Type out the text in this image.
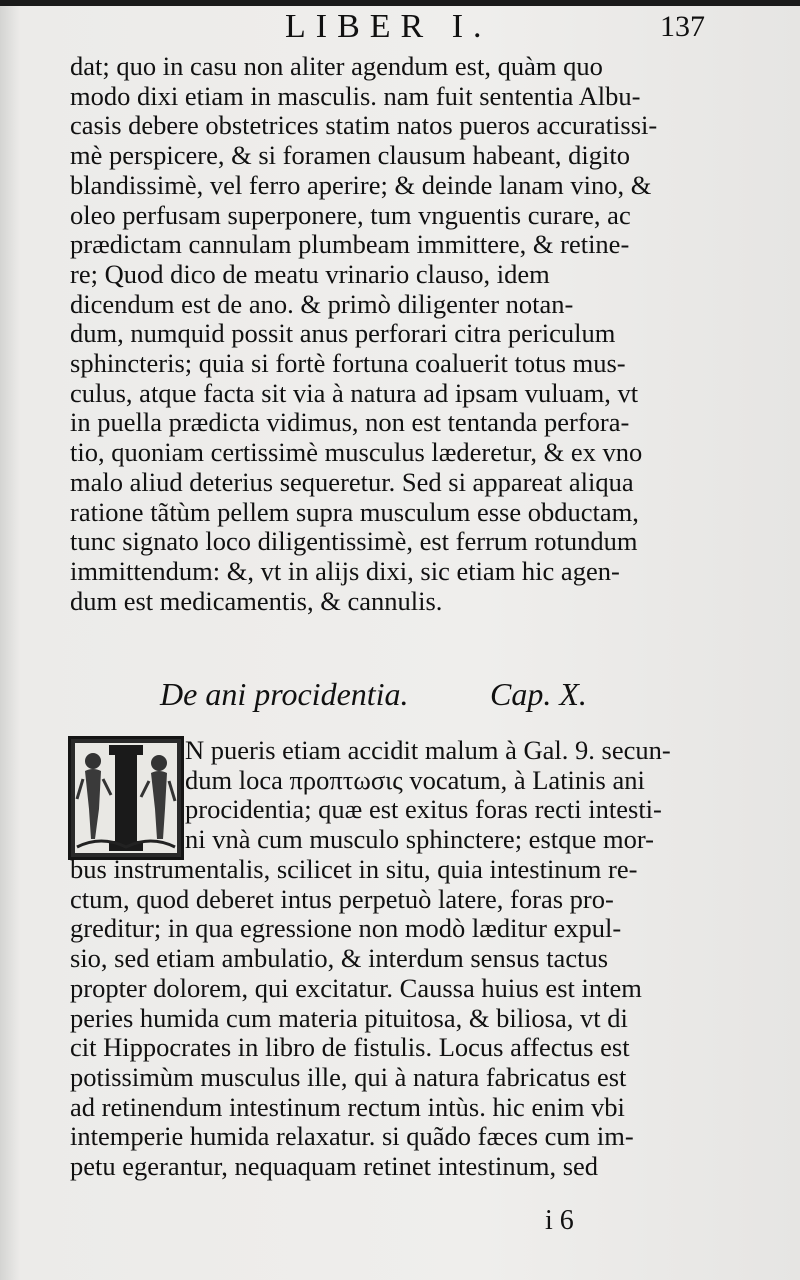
LIBER I.	137
dat; quo in casu non aliter agendum est, quàm quo
modo dixi etiam in masculis. nam fuit sententia Albu-
casis debere obstetrices statim natos pueros accuratissi-
mè perspicere, & si foramen clausum habeant, digito
blandissimè, vel ferro aperire; & deinde lanam vino, &
oleo perfusam superponere, tum vnguentis curare, ac
prædictam cannulam plumbeam immittere, & retine-
re; Quod dico de meatu vrinario clauso, idem
dicendum est de ano. & primò diligenter notan-
dum, numquid possit anus perforari citra periculum
sphincteris; quia si fortè fortuna coaluerit totus mus-
culus, atque facta sit via à natura ad ipsam vuluam, vt
in puella prædicta vidimus, non est tentanda perfora-
tio, quoniam certissimè musculus læderetur, & ex vno
malo aliud deterius sequeretur. Sed si appareat aliqua
ratione tãtùm pellem supra musculum esse obductam,
tunc signato loco diligentissimè, est ferrum rotundum
immittendum: &, vt in alijs dixi, sic etiam hic agen-
dum est medicamentis, & cannulis.
De ani procidentia.	Cap. X.
N pueris etiam accidit malum à Gal. 9. secun-
dum loca προπτωσις vocatum, à Latinis ani
procidentia; quæ est exitus foras recti intesti-
ni vnà cum musculo sphinctere; estque mor-
bus instrumentalis, scilicet in situ, quia intestinum re-
ctum, quod deberet intus perpetuò latere, foras pro-
greditur; in qua egressione non modò læditur expul-
sio, sed etiam ambulatio, & interdum sensus tactus
propter dolorem, qui excitatur. Caussa huius est intem
peries humida cum materia pituitosa, & biliosa, vt di
cit Hippocrates in libro de fistulis. Locus affectus est
potissimùm musculus ille, qui à natura fabricatus est
ad retinendum intestinum rectum intùs. hic enim vbi
intemperie humida relaxatur. si quãdo fæces cum im-
petu egerantur, nequaquam retinet intestinum, sed
i 6
